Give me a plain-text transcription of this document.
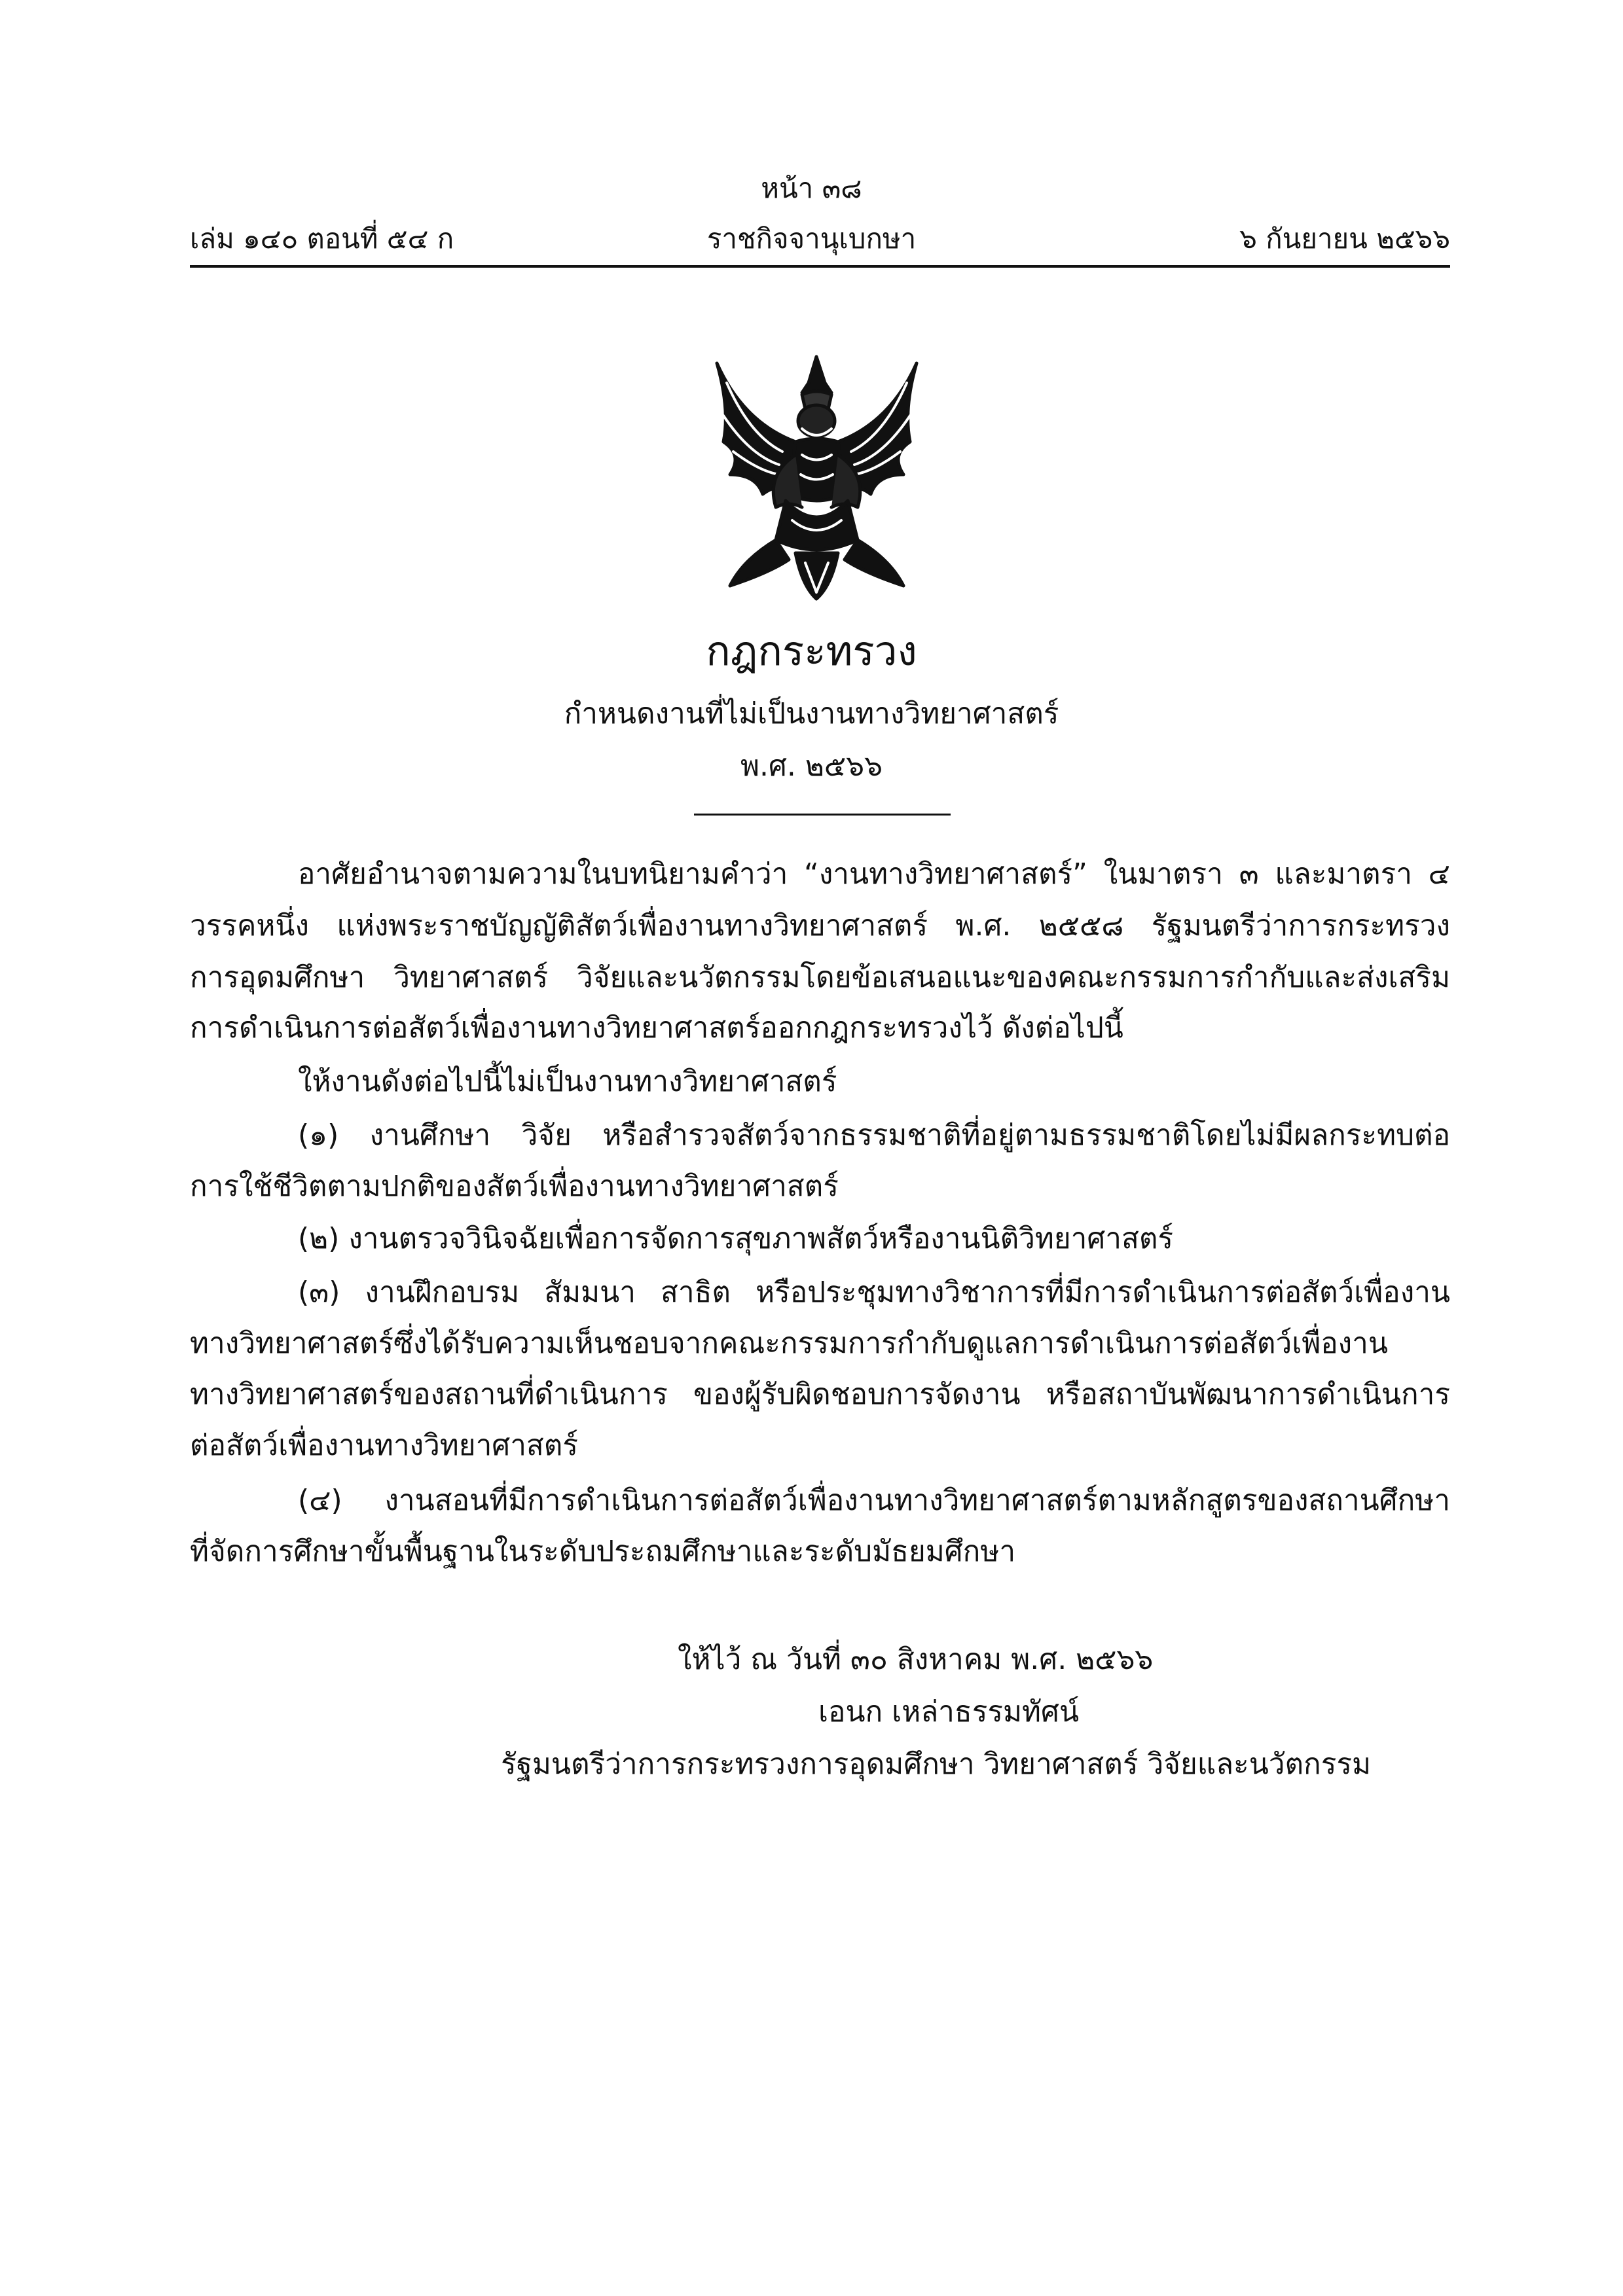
หน้า ๓๘
เล่ม ๑๔๐ ตอนที่ ๕๔ ก	ราชกิจจานุเบกษา	๖ กันยายน ๒๕๖๖
กฎกระทรวง
กำหนดงานที่ไม่เป็นงานทางวิทยาศาสตร์
พ.ศ. ๒๕๖๖
อาศัยอำนาจตามความในบทนิยามคำว่า “งานทางวิทยาศาสตร์” ในมาตรา ๓ และมาตรา ๔
วรรคหนึ่ง แห่งพระราชบัญญัติสัตว์เพื่องานทางวิทยาศาสตร์ พ.ศ. ๒๕๕๘ รัฐมนตรีว่าการกระทรวง
การอุดมศึกษา วิทยาศาสตร์ วิจัยและนวัตกรรมโดยข้อเสนอแนะของคณะกรรมการกำกับและส่งเสริม
การดำเนินการต่อสัตว์เพื่องานทางวิทยาศาสตร์ออกกฎกระทรวงไว้ ดังต่อไปนี้
ให้งานดังต่อไปนี้ไม่เป็นงานทางวิทยาศาสตร์
(๑) งานศึกษา วิจัย หรือสำรวจสัตว์จากธรรมชาติที่อยู่ตามธรรมชาติโดยไม่มีผลกระทบต่อ
การใช้ชีวิตตามปกติของสัตว์เพื่องานทางวิทยาศาสตร์
(๒) งานตรวจวินิจฉัยเพื่อการจัดการสุขภาพสัตว์หรืองานนิติวิทยาศาสตร์
(๓) งานฝึกอบรม สัมมนา สาธิต หรือประชุมทางวิชาการที่มีการดำเนินการต่อสัตว์เพื่องาน
ทางวิทยาศาสตร์ซึ่งได้รับความเห็นชอบจากคณะกรรมการกำกับดูแลการดำเนินการต่อสัตว์เพื่องาน
ทางวิทยาศาสตร์ของสถานที่ดำเนินการ ของผู้รับผิดชอบการจัดงาน หรือสถาบันพัฒนาการดำเนินการ
ต่อสัตว์เพื่องานทางวิทยาศาสตร์
(๔) งานสอนที่มีการดำเนินการต่อสัตว์เพื่องานทางวิทยาศาสตร์ตามหลักสูตรของสถานศึกษา
ที่จัดการศึกษาขั้นพื้นฐานในระดับประถมศึกษาและระดับมัธยมศึกษา
ให้ไว้ ณ วันที่ ๓๐ สิงหาคม พ.ศ. ๒๕๖๖
เอนก เหล่าธรรมทัศน์
รัฐมนตรีว่าการกระทรวงการอุดมศึกษา วิทยาศาสตร์ วิจัยและนวัตกรรม
